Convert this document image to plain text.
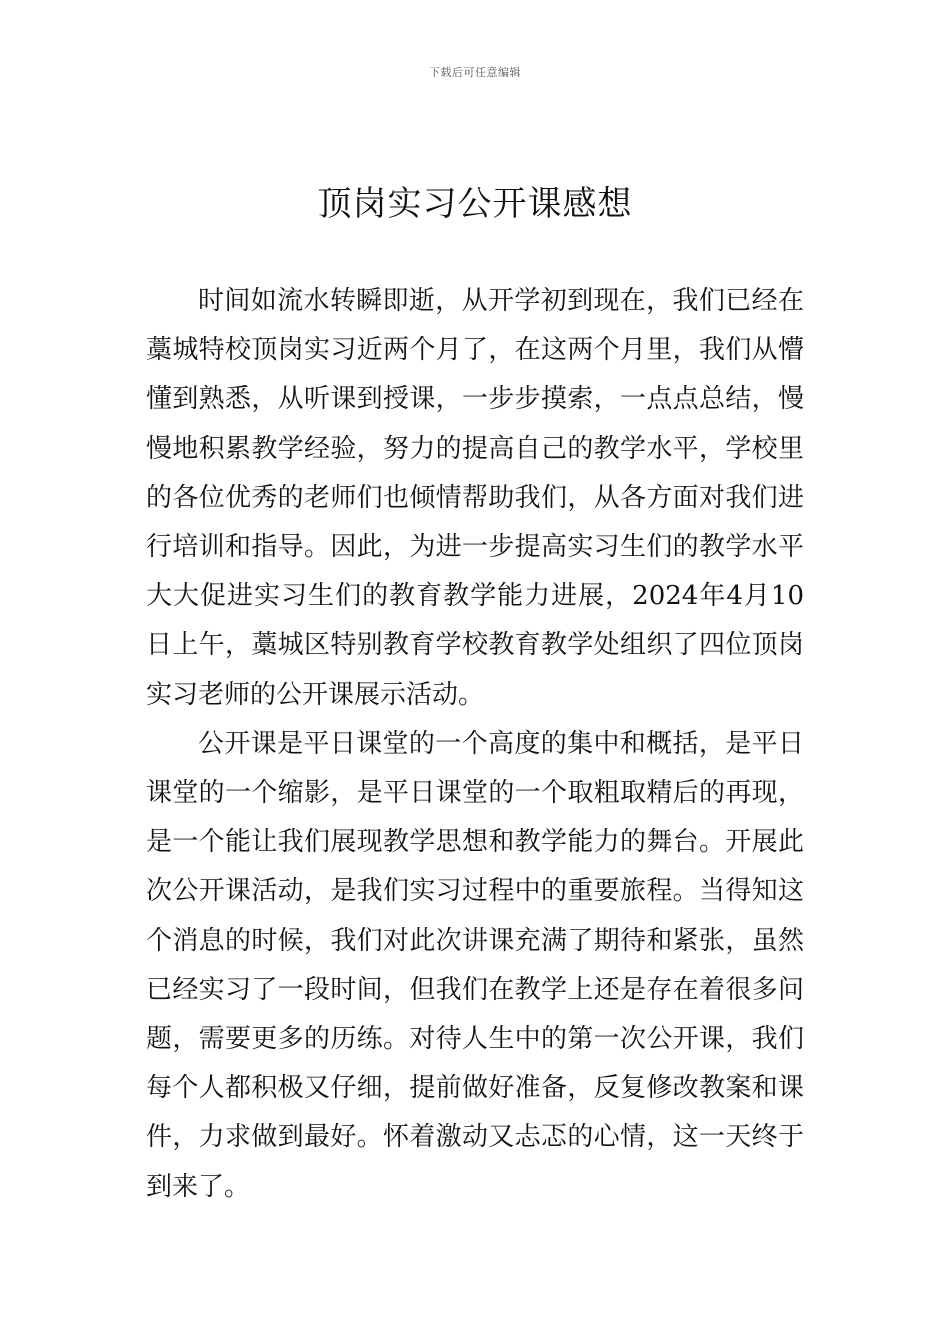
下载后可任意编辑
顶岗实习公开课感想

时间如流水转瞬即逝，从开学初到现在，我们已经在藁城特校顶岗实习近两个月了，在这两个月里，我们从懵懂到熟悉，从听课到授课，一步步摸索，一点点总结，慢慢地积累教学经验，努力的提高自己的教学水平，学校里的各位优秀的老师们也倾情帮助我们，从各方面对我们进行培训和指导。因此，为进一步提高实习生们的教学水平大大促进实习生们的教育教学能力进展，2024年4月10日上午，藁城区特别教育学校教育教学处组织了四位顶岗实习老师的公开课展示活动。

公开课是平日课堂的一个高度的集中和概括，是平日课堂的一个缩影，是平日课堂的一个取粗取精后的再现，是一个能让我们展现教学思想和教学能力的舞台。开展此次公开课活动，是我们实习过程中的重要旅程。当得知这个消息的时候，我们对此次讲课充满了期待和紧张，虽然已经实习了一段时间，但我们在教学上还是存在着很多问题，需要更多的历练。对待人生中的第一次公开课，我们每个人都积极又仔细，提前做好准备，反复修改教案和课件，力求做到最好。怀着激动又忐忑的心情，这一天终于到来了。
